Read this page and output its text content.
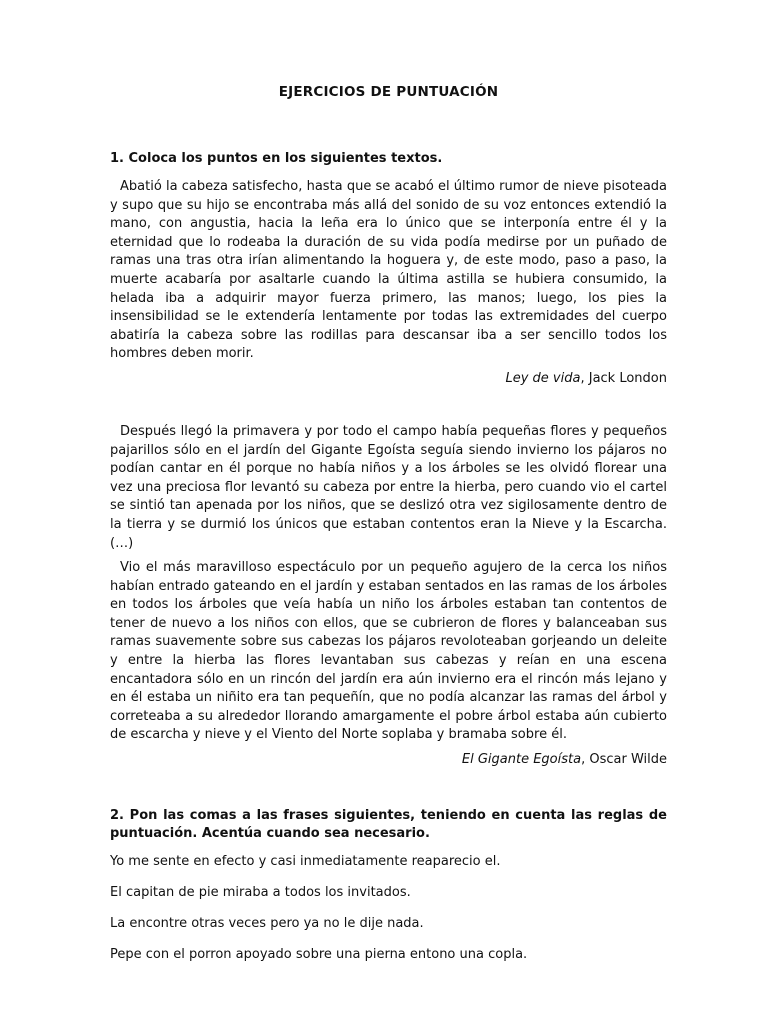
EJERCICIOS DE PUNTUACIÓN
1. Coloca los puntos en los siguientes textos.

Abatió la cabeza satisfecho, hasta que se acabó el último rumor de nieve pisoteada y supo que su hijo se encontraba más allá del sonido de su voz entonces extendió la mano, con angustia, hacia la leña era lo único que se interponía entre él y la eternidad que lo rodeaba la duración de su vida podía medirse por un puñado de ramas una tras otra irían alimentando la hoguera y, de este modo, paso a paso, la muerte acabaría por asaltarle cuando la última astilla se hubiera consumido, la helada iba a adquirir mayor fuerza primero, las manos; luego, los pies la insensibilidad se le extendería lentamente por todas las extremidades del cuerpo abatiría la cabeza sobre las rodillas para descansar iba a ser sencillo todos los hombres deben morir.

Ley de vida, Jack London

Después llegó la primavera y por todo el campo había pequeñas flores y pequeños pajarillos sólo en el jardín del Gigante Egoísta seguía siendo invierno los pájaros no podían cantar en él porque no había niños y a los árboles se les olvidó florear una vez una preciosa flor levantó su cabeza por entre la hierba, pero cuando vio el cartel se sintió tan apenada por los niños, que se deslizó otra vez sigilosamente dentro de la tierra y se durmió los únicos que estaban contentos eran la Nieve y la Escarcha. (…)

Vio el más maravilloso espectáculo por un pequeño agujero de la cerca los niños habían entrado gateando en el jardín y estaban sentados en las ramas de los árboles en todos los árboles que veía había un niño los árboles estaban tan contentos de tener de nuevo a los niños con ellos, que se cubrieron de flores y balanceaban sus ramas suavemente sobre sus cabezas los pájaros revoloteaban gorjeando un deleite y entre la hierba las flores levantaban sus cabezas y reían en una escena encantadora sólo en un rincón del jardín era aún invierno era el rincón más lejano y en él estaba un niñito era tan pequeñín, que no podía alcanzar las ramas del árbol y correteaba a su alrededor llorando amargamente el pobre árbol estaba aún cubierto de escarcha y nieve y el Viento del Norte soplaba y bramaba sobre él.

El Gigante Egoísta, Oscar Wilde
2. Pon las comas a las frases siguientes, teniendo en cuenta las reglas de puntuación. Acentúa cuando sea necesario.

Yo me sente en efecto y casi inmediatamente reaparecio el.

El capitan de pie miraba a todos los invitados.

La encontre otras veces pero ya no le dije nada.

Pepe con el porron apoyado sobre una pierna entono una copla.
